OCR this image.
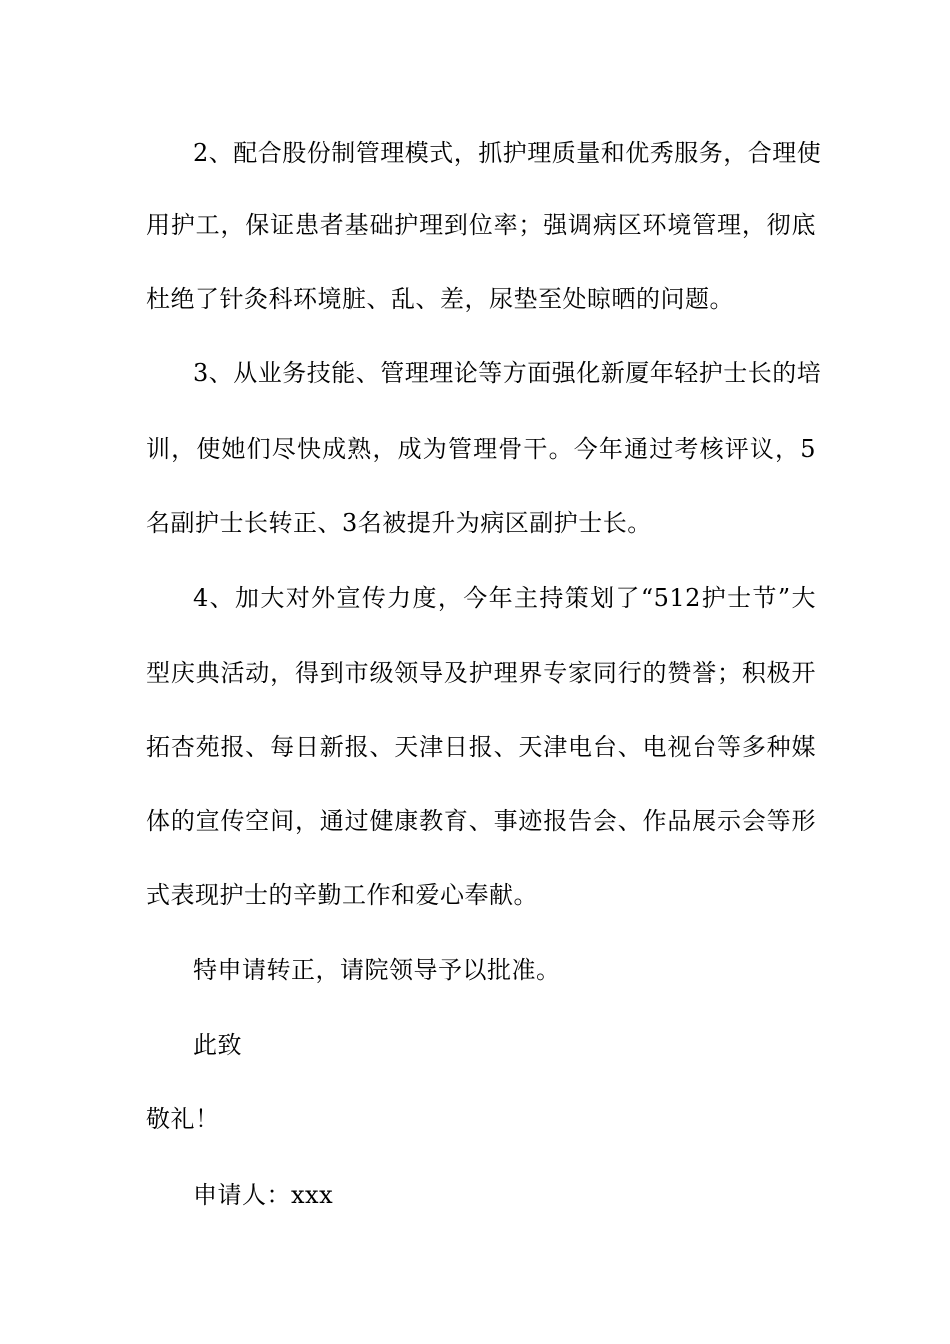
2、配合股份制管理模式，抓护理质量和优秀服务，合理使
用护工，保证患者基础护理到位率；强调病区环境管理，彻底
杜绝了针灸科环境脏、乱、差，尿垫至处晾晒的问题。
3、从业务技能、管理理论等方面强化新厦年轻护士长的培
训，使她们尽快成熟，成为管理骨干。今年通过考核评议，5
名副护士长转正、3名被提升为病区副护士长。
4、加大对外宣传力度，今年主持策划了“512护士节”大
型庆典活动，得到市级领导及护理界专家同行的赞誉；积极开
拓杏苑报、每日新报、天津日报、天津电台、电视台等多种媒
体的宣传空间，通过健康教育、事迹报告会、作品展示会等形
式表现护士的辛勤工作和爱心奉献。
特申请转正，请院领导予以批准。
此致
敬礼！
申请人：xxx
